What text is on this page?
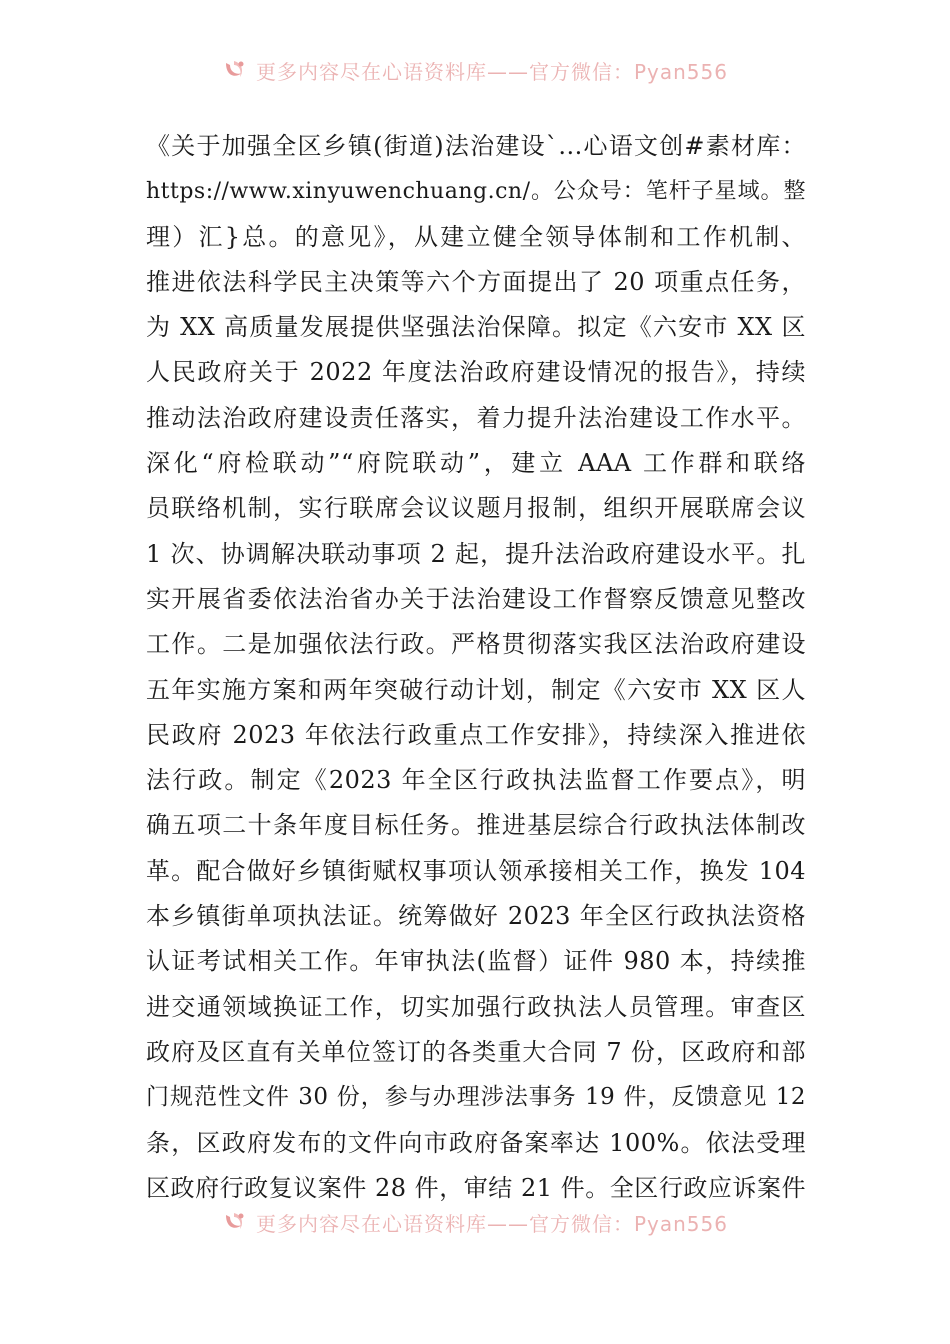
更多内容尽在心语资料库——官方微信：Pyan556
《关于加强全区乡镇(街道)法治建设`...心语文创#素材库：
https://www.xinyuwenchuang.cn/。公众号：笔杆子星域。整
理）汇}总。的意见》，从建立健全领导体制和工作机制、
推进依法科学民主决策等六个方面提出了 20 项重点任务，
为 XX 高质量发展提供坚强法治保障。拟定《六安市 XX 区
人民政府关于 2022 年度法治政府建设情况的报告》，持续
推动法治政府建设责任落实，着力提升法治建设工作水平。
深化“府检联动”“府院联动”，建立 AAA 工作群和联络
员联络机制，实行联席会议议题月报制，组织开展联席会议
1 次、协调解决联动事项 2 起，提升法治政府建设水平。扎
实开展省委依法治省办关于法治建设工作督察反馈意见整改
工作。二是加强依法行政。严格贯彻落实我区法治政府建设
五年实施方案和两年突破行动计划，制定《六安市 XX 区人
民政府 2023 年依法行政重点工作安排》，持续深入推进依
法行政。制定《2023 年全区行政执法监督工作要点》，明
确五项二十条年度目标任务。推进基层综合行政执法体制改
革。配合做好乡镇街赋权事项认领承接相关工作，换发 104
本乡镇街单项执法证。统筹做好 2023 年全区行政执法资格
认证考试相关工作。年审执法(监督）证件 980 本，持续推
进交通领域换证工作，切实加强行政执法人员管理。审查区
政府及区直有关单位签订的各类重大合同 7 份，区政府和部
门规范性文件 30 份，参与办理涉法事务 19 件，反馈意见 12
条，区政府发布的文件向市政府备案率达 100%。依法受理
区政府行政复议案件 28 件，审结 21 件。全区行政应诉案件
更多内容尽在心语资料库——官方微信：Pyan556
